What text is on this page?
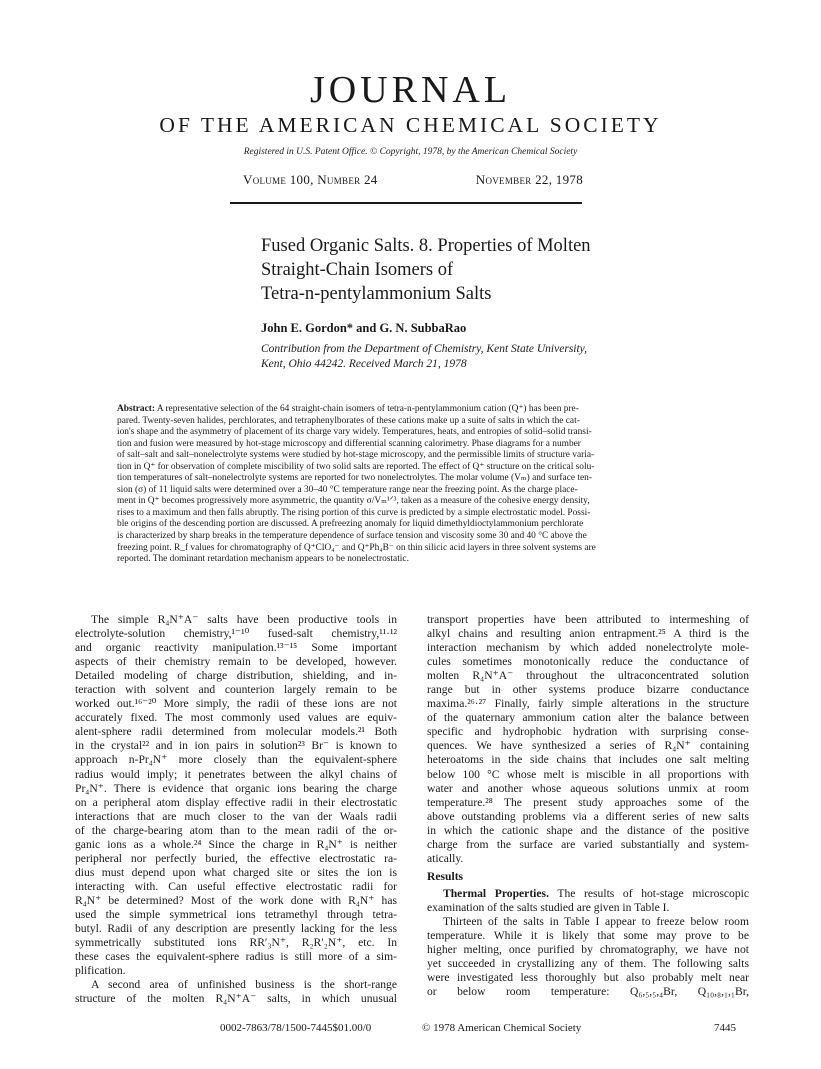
JOURNAL
OF THE AMERICAN CHEMICAL SOCIETY
Registered in U.S. Patent Office. © Copyright, 1978, by the American Chemical Society
Volume 100, Number 24	November 22, 1978
Fused Organic Salts. 8. Properties of Molten
Straight-Chain Isomers of
Tetra-n-pentylammonium Salts
John E. Gordon* and G. N. SubbaRao
Contribution from the Department of Chemistry, Kent State University,
Kent, Ohio 44242. Received March 21, 1978
Abstract: A representative selection of the 64 straight-chain isomers of tetra-n-pentylammonium cation (Q⁺) has been pre-
pared. Twenty-seven halides, perchlorates, and tetraphenylborates of these cations make up a suite of salts in which the cat-
ion's shape and the asymmetry of placement of its charge vary widely. Temperatures, heats, and entropies of solid–solid transi-
tion and fusion were measured by hot-stage microscopy and differential scanning calorimetry. Phase diagrams for a number
of salt–salt and salt–nonelectrolyte systems were studied by hot-stage microscopy, and the permissible limits of structure varia-
tion in Q⁺ for observation of complete miscibility of two solid salts are reported. The effect of Q⁺ structure on the critical solu-
tion temperatures of salt–nonelectrolyte systems are reported for two nonelectrolytes. The molar volume (Vₘ) and surface ten-
sion (σ) of 11 liquid salts were determined over a 30–40 °C temperature range near the freezing point. As the charge place-
ment in Q⁺ becomes progressively more asymmetric, the quantity σ/Vₘ¹ᐟ³, taken as a measure of the cohesive energy density,
rises to a maximum and then falls abruptly. The rising portion of this curve is predicted by a simple electrostatic model. Possi-
ble origins of the descending portion are discussed. A prefreezing anomaly for liquid dimethyldioctylammonium perchlorate
is characterized by sharp breaks in the temperature dependence of surface tension and viscosity some 30 and 40 °C above the
freezing point. R_f values for chromatography of Q⁺ClO₄⁻ and Q⁺Ph₄B⁻ on thin silicic acid layers in three solvent systems are
reported. The dominant retardation mechanism appears to be nonelectrostatic.
The simple R₄N⁺A⁻ salts have been productive tools in
electrolyte-solution chemistry,¹⁻¹⁰ fused-salt chemistry,¹¹·¹²
and organic reactivity manipulation.¹³⁻¹⁵ Some important
aspects of their chemistry remain to be developed, however.
Detailed modeling of charge distribution, shielding, and in-
teraction with solvent and counterion largely remain to be
worked out.¹⁶⁻²⁰ More simply, the radii of these ions are not
accurately fixed. The most commonly used values are equiv-
alent-sphere radii determined from molecular models.²¹ Both
in the crystal²² and in ion pairs in solution²³ Br⁻ is known to
approach n-Pr₄N⁺ more closely than the equivalent-sphere
radius would imply; it penetrates between the alkyl chains of
Pr₄N⁺. There is evidence that organic ions bearing the charge
on a peripheral atom display effective radii in their electrostatic
interactions that are much closer to the van der Waals radii
of the charge-bearing atom than to the mean radii of the or-
ganic ions as a whole.²⁴ Since the charge in R₄N⁺ is neither
peripheral nor perfectly buried, the effective electrostatic ra-
dius must depend upon what charged site or sites the ion is
interacting with. Can useful effective electrostatic radii for
R₄N⁺ be determined? Most of the work done with R₄N⁺ has
used the simple symmetrical ions tetramethyl through tetra-
butyl. Radii of any description are presently lacking for the less
symmetrically substituted ions RR′₃N⁺, R₂R′₂N⁺, etc. In
these cases the equivalent-sphere radius is still more of a sim-
plification.
A second area of unfinished business is the short-range
structure of the molten R₄N⁺A⁻ salts, in which unusual
transport properties have been attributed to intermeshing of
alkyl chains and resulting anion entrapment.²⁵ A third is the
interaction mechanism by which added nonelectrolyte mole-
cules sometimes monotonically reduce the conductance of
molten R₄N⁺A⁻ throughout the ultraconcentrated solution
range but in other systems produce bizarre conductance
maxima.²⁶·²⁷ Finally, fairly simple alterations in the structure
of the quaternary ammonium cation alter the balance between
specific and hydrophobic hydration with surprising conse-
quences. We have synthesized a series of R₄N⁺ containing
heteroatoms in the side chains that includes one salt melting
below 100 °C whose melt is miscible in all proportions with
water and another whose aqueous solutions unmix at room
temperature.²⁸ The present study approaches some of the
above outstanding problems via a different series of new salts
in which the cationic shape and the distance of the positive
charge from the surface are varied substantially and system-
atically.
Results
Thermal Properties. The results of hot-stage microscopic
examination of the salts studied are given in Table I.
Thirteen of the salts in Table I appear to freeze below room
temperature. While it is likely that some may prove to be
higher melting, once purified by chromatography, we have not
yet succeeded in crystallizing any of them. The following salts
were investigated less thoroughly but also probably melt near
or below room temperature: Q₆,₅,₅,₄Br, Q₁₀,₈,₁,₁Br,
0002-7863/78/1500-7445$01.00/0	© 1978 American Chemical Society	7445
